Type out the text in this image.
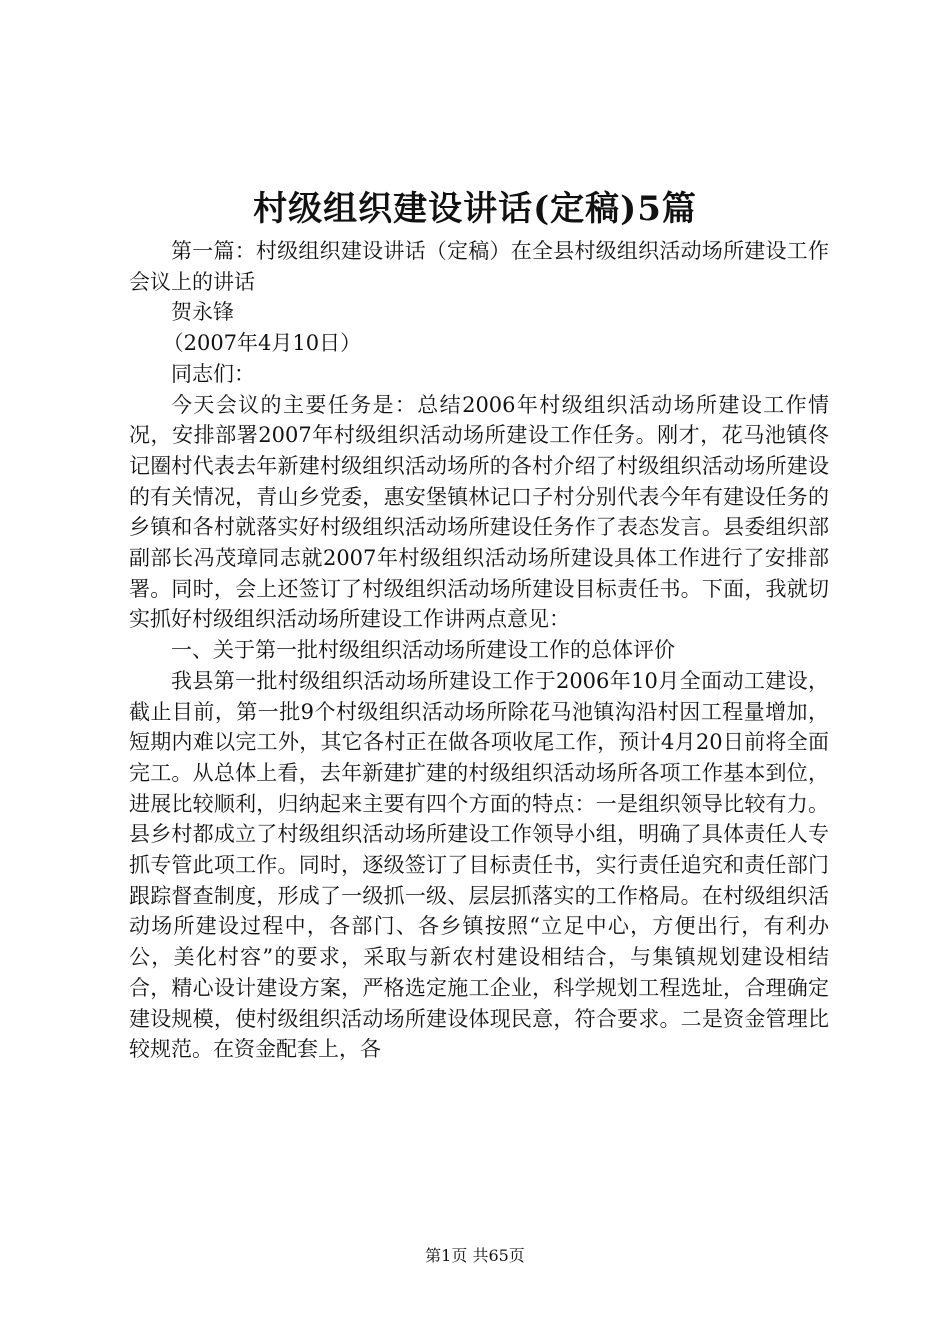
村级组织建设讲话(定稿)5篇

第一篇：村级组织建设讲话（定稿）在全县村级组织活动场所建设工作会议上的讲话

贺永锋

（2007年4月10日）

同志们：

今天会议的主要任务是：总结2006年村级组织活动场所建设工作情况，安排部署2007年村级组织活动场所建设工作任务。刚才，花马池镇佟记圈村代表去年新建村级组织活动场所的各村介绍了村级组织活动场所建设的有关情况，青山乡党委，惠安堡镇林记口子村分别代表今年有建设任务的乡镇和各村就落实好村级组织活动场所建设任务作了表态发言。县委组织部副部长冯茂璋同志就2007年村级组织活动场所建设具体工作进行了安排部署。同时，会上还签订了村级组织活动场所建设目标责任书。下面，我就切实抓好村级组织活动场所建设工作讲两点意见：

一、关于第一批村级组织活动场所建设工作的总体评价

我县第一批村级组织活动场所建设工作于2006年10月全面动工建设，截止目前，第一批9个村级组织活动场所除花马池镇沟沿村因工程量增加，短期内难以完工外，其它各村正在做各项收尾工作，预计4月20日前将全面完工。从总体上看，去年新建扩建的村级组织活动场所各项工作基本到位，进展比较顺利，归纳起来主要有四个方面的特点：一是组织领导比较有力。县乡村都成立了村级组织活动场所建设工作领导小组，明确了具体责任人专抓专管此项工作。同时，逐级签订了目标责任书，实行责任追究和责任部门跟踪督查制度，形成了一级抓一级、层层抓落实的工作格局。在村级组织活动场所建设过程中，各部门、各乡镇按照“立足中心，方便出行，有利办公，美化村容”的要求，采取与新农村建设相结合，与集镇规划建设相结合，精心设计建设方案，严格选定施工企业，科学规划工程选址，合理确定建设规模，使村级组织活动场所建设体现民意，符合要求。二是资金管理比较规范。在资金配套上，各

第1页 共65页
